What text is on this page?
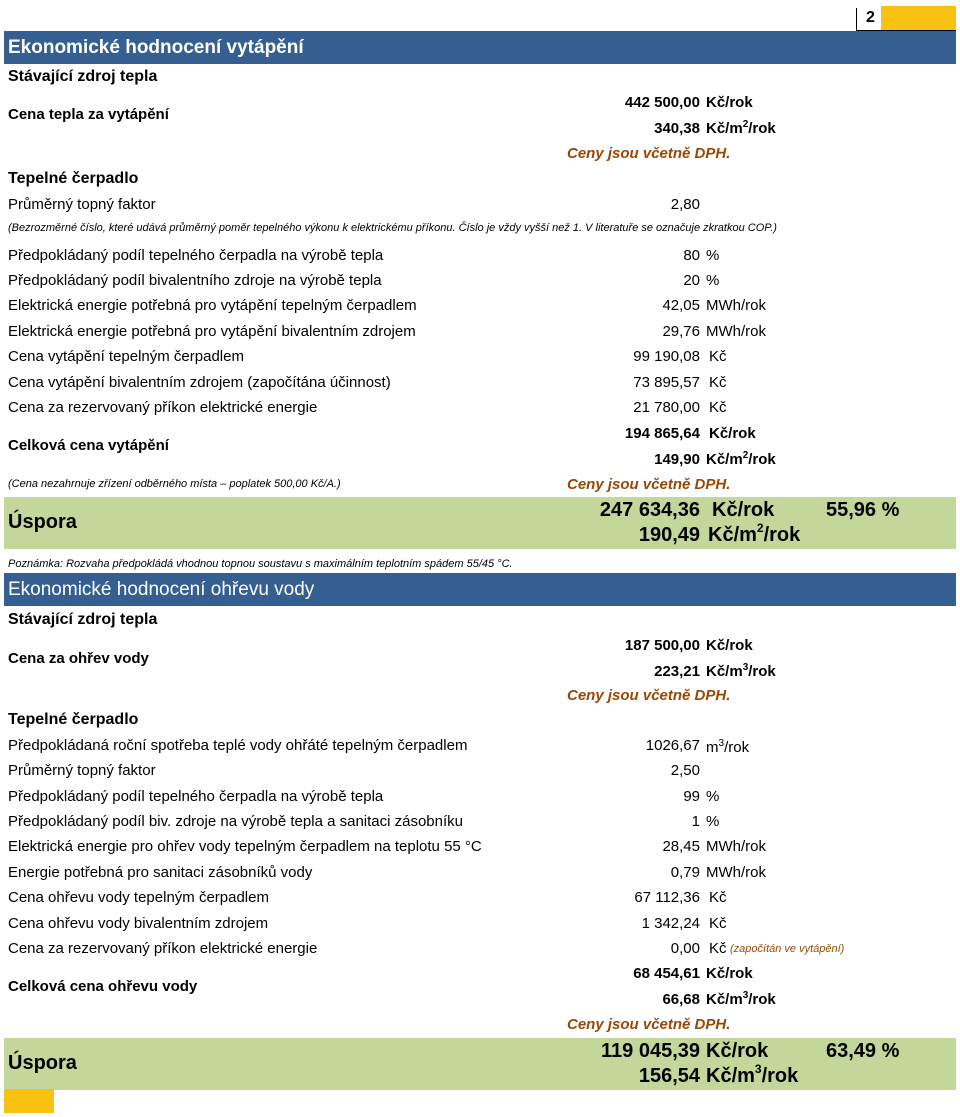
2
Ekonomické hodnocení vytápění
Stávající zdroj tepla
Cena tepla za vytápění
442 500,00 Kč/rok
340,38 $Kč/m^2$/rok
Ceny jsou včetně DPH.
Tepelné čerpadlo
Průměrný topný faktor	2,80
(Bezrozměrné číslo, které udává průměrný poměr tepelného výkonu k elektrickému příkonu. Číslo je vždy vyšší než 1. V literatuře se označuje zkratkou COP.)
Předpokládaný podíl tepelného čerpadla na výrobě tepla	80 %
Předpokládaný podíl bivalentního zdroje na výrobě tepla	20 %
Elektrická energie potřebná pro vytápění tepelným čerpadlem	42,05 MWh/rok
Elektrická energie potřebná pro vytápění bivalentním zdrojem	29,76 MWh/rok
Cena vytápění tepelným čerpadlem	99 190,08 Kč
Cena vytápění bivalentním zdrojem (započítána účinnost)	73 895,57 Kč
Cena za rezervovaný příkon elektrické energie	21 780,00 Kč
Celková cena vytápění
194 865,64 Kč/rok
149,90 $Kč/m^2$/rok
(Cena nezahrnuje zřízení odběrného místa – poplatek 500,00 Kč/A.)	Ceny jsou včetně DPH.
Úspora
247 634,36 Kč/rok	55,96 %
190,49 $Kč/m^2$/rok
Poznámka: Rozvaha předpokládá vhodnou topnou soustavu s maximálním teplotním spádem 55/45 °C.
Ekonomické hodnocení ohřevu vody
Stávající zdroj tepla
Cena za ohřev vody
187 500,00 Kč/rok
223,21 $Kč/m^3$/rok
Ceny jsou včetně DPH.
Tepelné čerpadlo
Předpokládaná roční spotřeba teplé vody ohřáté tepelným čerpadlem	1026,67 $m^3$/rok
Průměrný topný faktor	2,50
Předpokládaný podíl tepelného čerpadla na výrobě tepla	99 %
Předpokládaný podíl biv. zdroje na výrobě tepla a sanitaci zásobníku	1 %
Elektrická energie pro ohřev vody tepelným čerpadlem na teplotu 55 °C	28,45 MWh/rok
Energie potřebná pro sanitaci zásobníků vody	0,79 MWh/rok
Cena ohřevu vody tepelným čerpadlem	67 112,36 Kč
Cena ohřevu vody bivalentním zdrojem	1 342,24 Kč
Cena za rezervovaný příkon elektrické energie	0,00 Kč (započítán ve vytápění)
Celková cena ohřevu vody
68 454,61 Kč/rok
66,68 $Kč/m^3$/rok
Ceny jsou včetně DPH.
Úspora
119 045,39 Kč/rok	63,49 %
156,54 $Kč/m^3$/rok
